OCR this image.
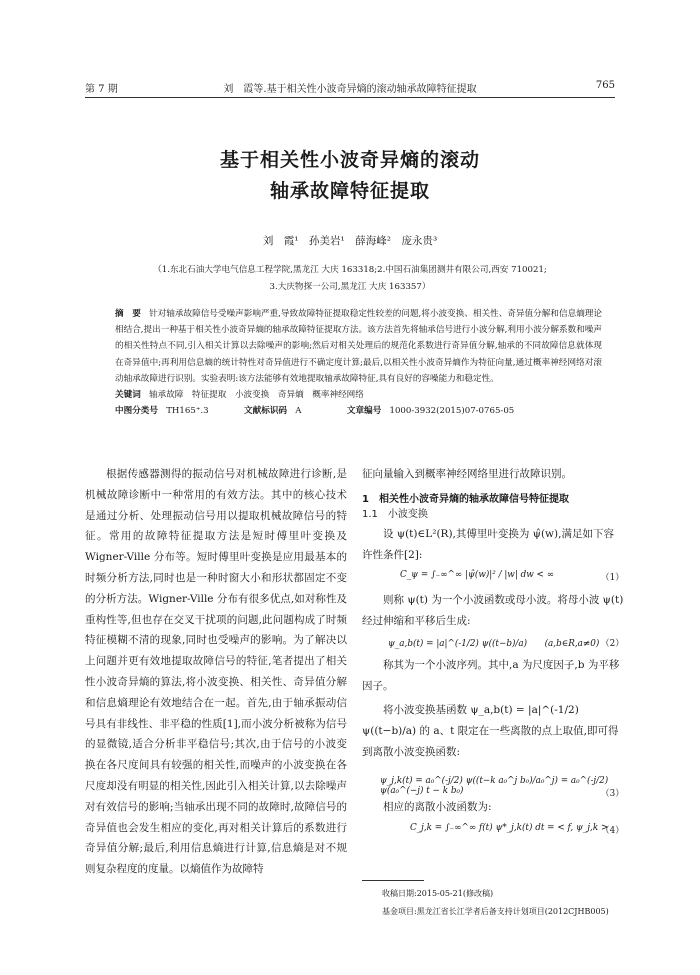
第 7 期	刘　霞等.基于相关性小波奇异熵的滚动轴承故障特征提取	765
基于相关性小波奇异熵的滚动
轴承故障特征提取
刘　霞¹　孙美岩¹　薛海峰²　庞永贵³
（1.东北石油大学电气信息工程学院,黑龙江 大庆 163318;2.中国石油集团测井有限公司,西安 710021;
3.大庆物探一公司,黑龙江 大庆 163357）
摘　要 针对轴承故障信号受噪声影响严重,导致故障特征提取稳定性较差的问题,将小波变换、相关性、奇异值分解和信息熵理论相结合,提出一种基于相关性小波奇异熵的轴承故障特征提取方法。该方法首先将轴承信号进行小波分解,利用小波分解系数和噪声的相关性特点不同,引入相关计算以去除噪声的影响;然后对相关处理后的规范化系数进行奇异值分解,轴承的不同故障信息就体现在奇异值中;再利用信息熵的统计特性对奇异值进行不确定度计算;最后,以相关性小波奇异熵作为特征向量,通过概率神经网络对滚动轴承故障进行识别。实验表明:该方法能够有效地提取轴承故障特征,具有良好的容噪能力和稳定性。
关键词 轴承故障　特征提取　小波变换　奇异熵　概率神经网络
中图分类号 TH165⁺.3	文献标识码 A	文章编号 1000-3932(2015)07-0765-05
根据传感器测得的振动信号对机械故障进行诊断,是机械故障诊断中一种常用的有效方法。其中的核心技术是通过分析、处理振动信号用以提取机械故障信号的特征。常用的故障特征提取方法是短时傅里叶变换及 Wigner-Ville 分布等。短时傅里叶变换是应用最基本的时频分析方法,同时也是一种时窗大小和形状都固定不变的分析方法。Wigner-Ville 分布有很多优点,如对称性及重构性等,但也存在交叉干扰项的问题,此问题构成了时频特征模糊不清的现象,同时也受噪声的影响。为了解决以上问题并更有效地提取故障信号的特征,笔者提出了相关性小波奇异熵的算法,将小波变换、相关性、奇异值分解和信息熵理论有效地结合在一起。首先,由于轴承振动信号具有非线性、非平稳的性质[1],而小波分析被称为信号的显微镜,适合分析非平稳信号;其次,由于信号的小波变换在各尺度间具有较强的相关性,而噪声的小波变换在各尺度却没有明显的相关性,因此引入相关计算,以去除噪声对有效信号的影响;当轴承出现不同的故障时,故障信号的奇异值也会发生相应的变化,再对相关计算后的系数进行奇异值分解;最后,利用信息熵进行计算,信息熵是对不规则复杂程度的度量。以熵值作为故障特
征向量输入到概率神经网络里进行故障识别。
1　相关性小波奇异熵的轴承故障信号特征提取
1.1　小波变换
设 ψ(t)∈L²(R),其傅里叶变换为 ψ̂(w),满足如下容许性条件[2]:
C_ψ = ∫₋∞^∞ |ψ̂(w)|² / |w| dw < ∞	（1）
则称 ψ(t) 为一个小波函数或母小波。将母小波 ψ(t) 经过伸缩和平移后生成:
ψ_a,b(t) = |a|^(-1/2) ψ((t−b)/a)　　(a,b∈R,a≠0) （2）
称其为一个小波序列。其中,a 为尺度因子,b 为平移因子。
将小波变换基函数 ψ_a,b(t) = |a|^(-1/2) ψ((t−b)/a) 的 a、t 限定在一些离散的点上取值,即可得到离散小波变换函数:
ψ_j,k(t) = a₀^(-j/2) ψ((t−k a₀^j b₀)/a₀^j) = a₀^(-j/2) ψ(a₀^(−j) t − k b₀)	（3）
相应的离散小波函数为:
C_j,k = ∫₋∞^∞ f(t) ψ*_j,k(t) dt = < f, ψ_j,k >
（4）
收稿日期:2015-05-21(修改稿)
基金项目:黑龙江省长江学者后备支持计划项目(2012CJHB005)
